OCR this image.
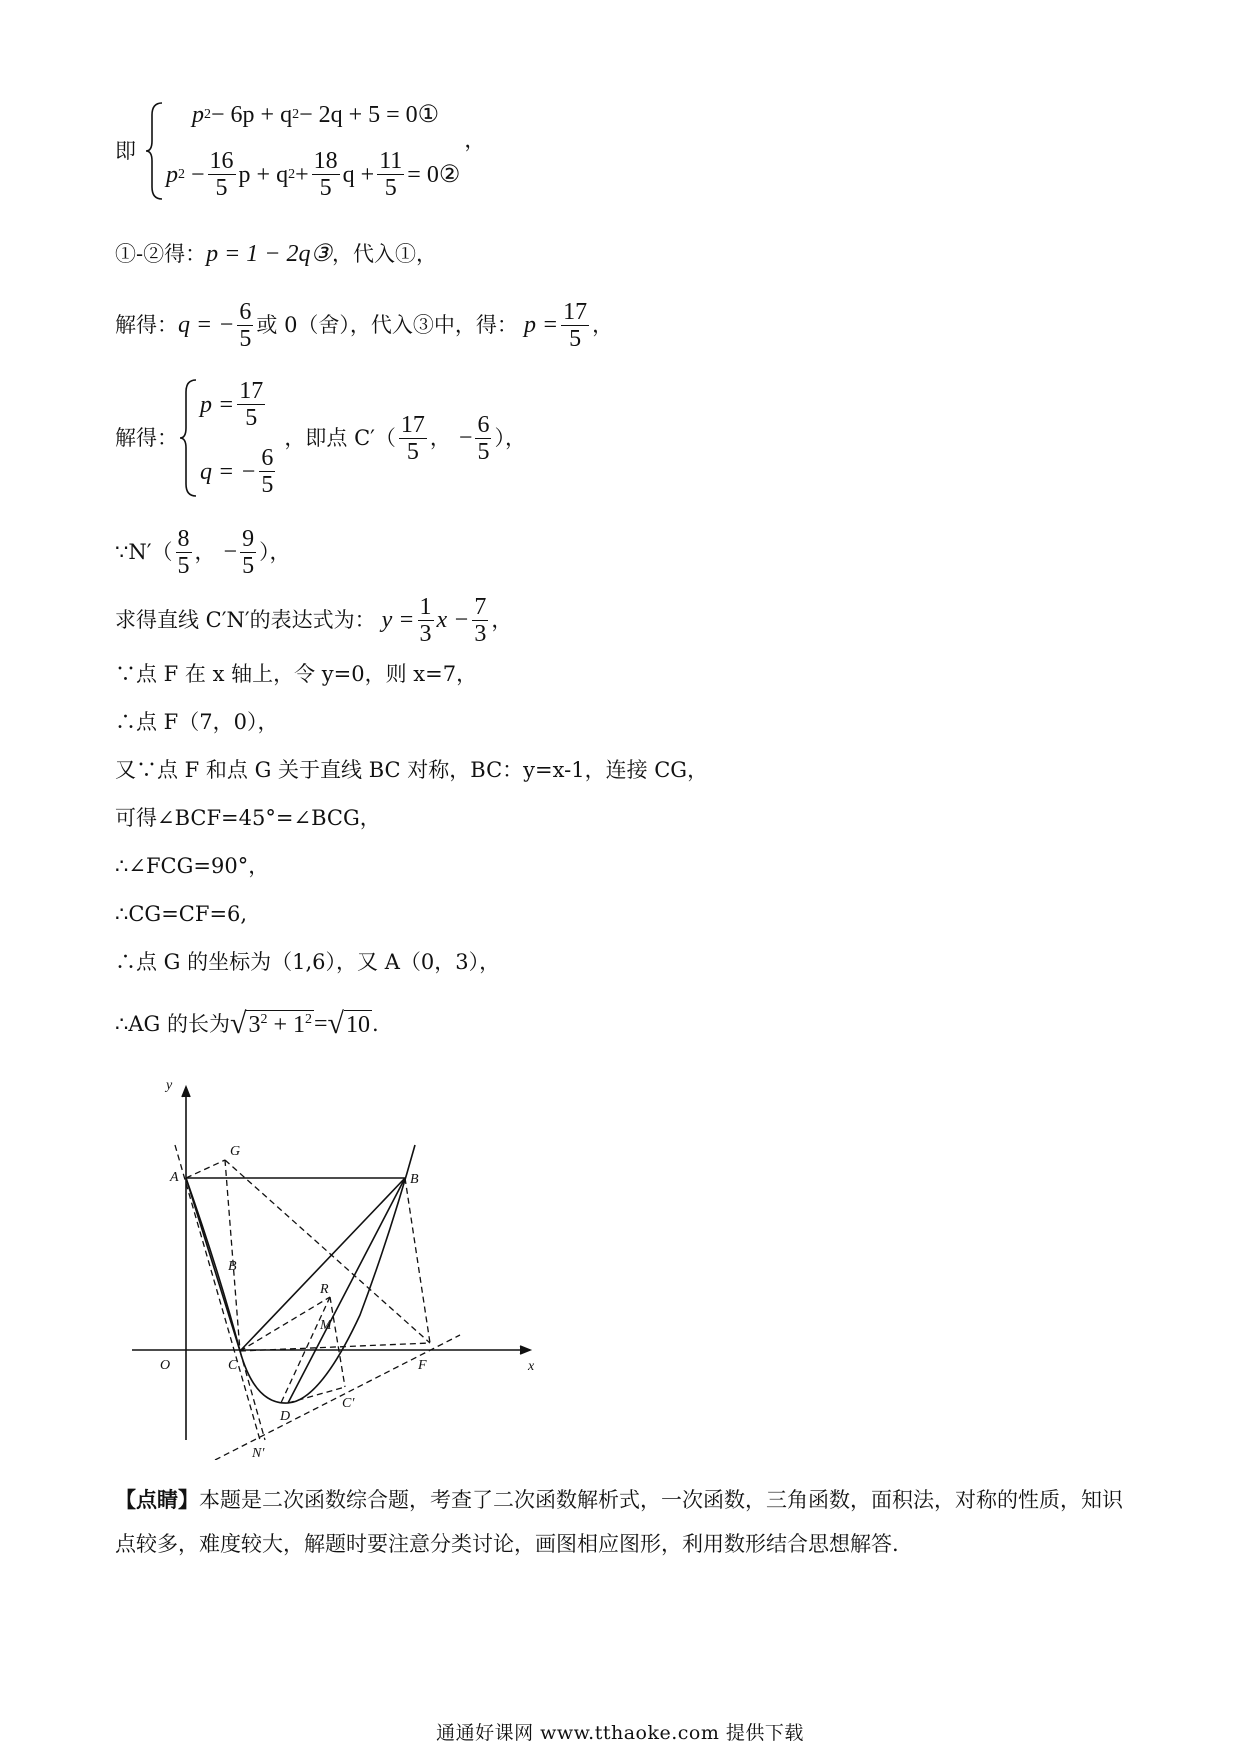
即
p 2 − 6p + q 2 − 2q + 5 = 0①
p $2 - \frac{16}{5}$ p + q $2 + \frac{18}{5}$ $q + \frac{11}{5}$ = 0②
，
①-②得： p = 1 − 2q③ ，代入①，
解得： q = − $\frac{6}{5}$ 或 0（舍），代入③中，得： $p = \frac{17}{5}$ ，
解得：
$p = \frac{17}{5}$
q = − $\frac{6}{5}$
，即点 $C'( \frac{17}{5}$ ， − $\frac{6}{5}$ ），
∵N′（ $\frac{8}{5}$ ， − $\frac{9}{5}$ ），
求得直线 C′N′的表达式为： $y = \frac{1}{3}$ $x - \frac{7}{3}$ ，
∵点 F 在 x 轴上，令 y=0，则 x=7，
∴点 F（7，0），
又∵点 F 和点 G 关于直线 BC 对称，BC：y=x-1，连接 CG，
可得∠BCF=45°=∠BCG，
∴∠FCG=90°，
∴CG=CF=6,
∴点 G 的坐标为（1,6），又 A（0，3），
∴AG 的长为 √ $3^2 + 1^2$ = √ 10 .
y
x
O
A	B
G
B
R
M
C	F
D
C′
N′
【点睛】本题是二次函数综合题，考查了二次函数解析式，一次函数，三角函数，面积法，对称的性质，知识点较多，难度较大，解题时要注意分类讨论，画图相应图形，利用数形结合思想解答.
通通好课网 www.tthaoke.com 提供下载
